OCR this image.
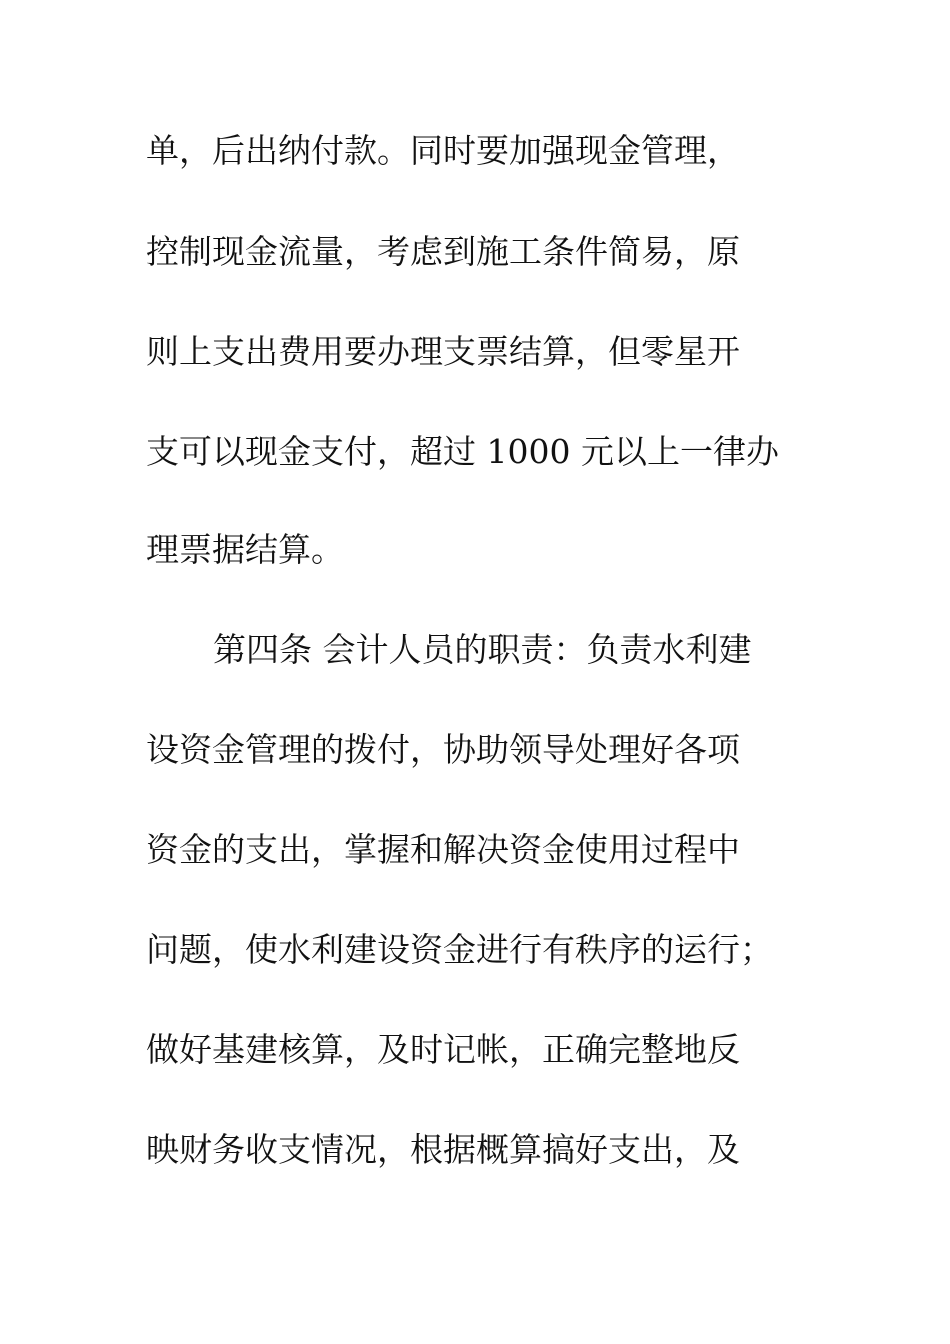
单，后出纳付款。同时要加强现金管理，
控制现金流量，考虑到施工条件简易，原
则上支出费用要办理支票结算，但零星开
支可以现金支付，超过 1000 元以上一律办
理票据结算。
第四条 会计人员的职责：负责水利建
设资金管理的拨付，协助领导处理好各项
资金的支出，掌握和解决资金使用过程中
问题，使水利建设资金进行有秩序的运行；
做好基建核算，及时记帐，正确完整地反
映财务收支情况，根据概算搞好支出，及
